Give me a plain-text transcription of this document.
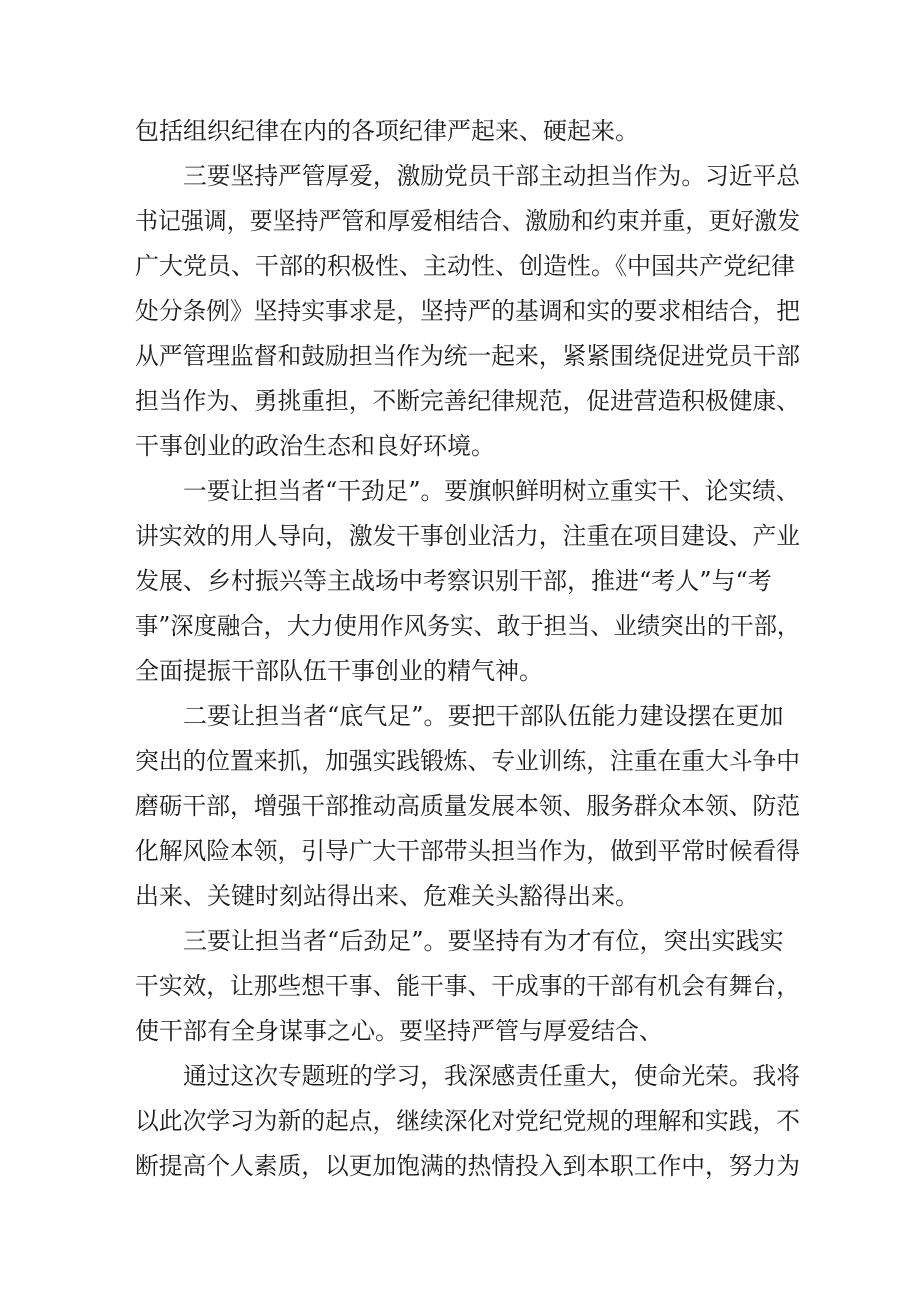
包括组织纪律在内的各项纪律严起来、硬起来。

三要坚持严管厚爱，激励党员干部主动担当作为。习近平总

书记强调，要坚持严管和厚爱相结合、激励和约束并重，更好激发

广大党员、干部的积极性、主动性、创造性。《中国共产党纪律

处分条例》坚持实事求是，坚持严的基调和实的要求相结合，把

从严管理监督和鼓励担当作为统一起来，紧紧围绕促进党员干部

担当作为、勇挑重担，不断完善纪律规范，促进营造积极健康、

干事创业的政治生态和良好环境。

一要让担当者“干劲足”。要旗帜鲜明树立重实干、论实绩、

讲实效的用人导向，激发干事创业活力，注重在项目建设、产业

发展、乡村振兴等主战场中考察识别干部，推进“考人”与“考

事”深度融合，大力使用作风务实、敢于担当、业绩突出的干部，

全面提振干部队伍干事创业的精气神。

二要让担当者“底气足”。要把干部队伍能力建设摆在更加

突出的位置来抓，加强实践锻炼、专业训练，注重在重大斗争中

磨砺干部，增强干部推动高质量发展本领、服务群众本领、防范

化解风险本领，引导广大干部带头担当作为，做到平常时候看得

出来、关键时刻站得出来、危难关头豁得出来。

三要让担当者“后劲足”。要坚持有为才有位，突出实践实

干实效，让那些想干事、能干事、干成事的干部有机会有舞台，

使干部有全身谋事之心。要坚持严管与厚爱结合、

通过这次专题班的学习，我深感责任重大，使命光荣。我将

以此次学习为新的起点，继续深化对党纪党规的理解和实践，不

断提高个人素质，以更加饱满的热情投入到本职工作中，努力为
